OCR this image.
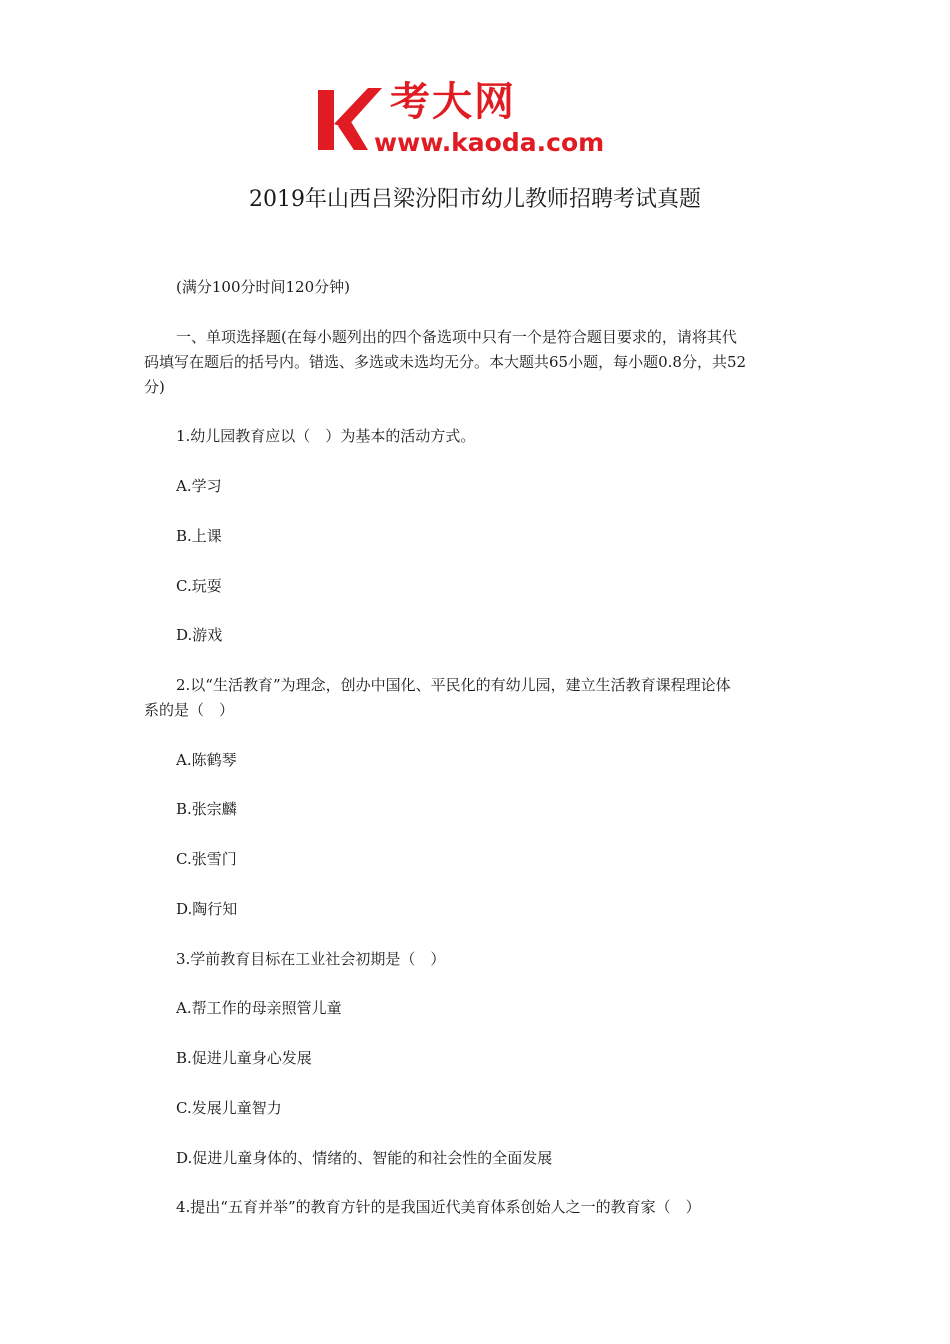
考大网
www.kaoda.com
2019年山西吕梁汾阳市幼儿教师招聘考试真题
(满分100分时间120分钟)
一、单项选择题(在每小题列出的四个备选项中只有一个是符合题目要求的，请将其代
码填写在题后的括号内。错选、多选或未选均无分。本大题共65小题，每小题0.8分，共52
分)
1.幼儿园教育应以（　）为基本的活动方式。
A.学习
B.上课
C.玩耍
D.游戏
2.以“生活教育”为理念，创办中国化、平民化的有幼儿园，建立生活教育课程理论体
系的是（　）
A.陈鹤琴
B.张宗麟
C.张雪门
D.陶行知
3.学前教育目标在工业社会初期是（　）
A.帮工作的母亲照管儿童
B.促进儿童身心发展
C.发展儿童智力
D.促进儿童身体的、情绪的、智能的和社会性的全面发展
4.提出“五育并举”的教育方针的是我国近代美育体系创始人之一的教育家（　）
